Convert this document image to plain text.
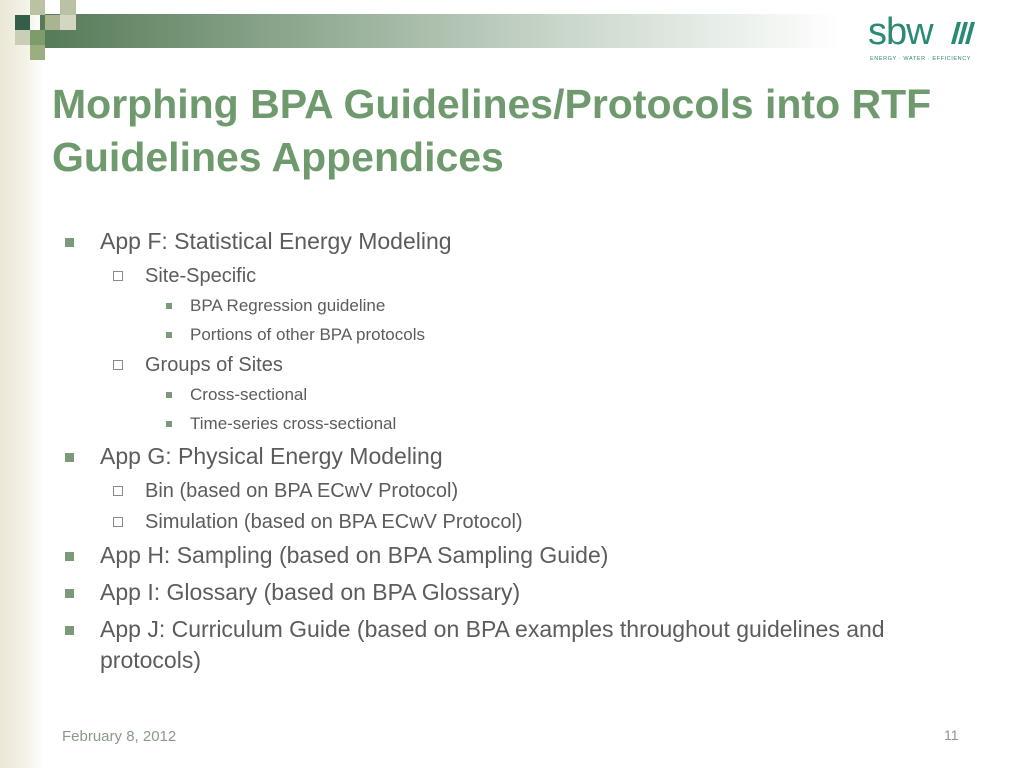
sbw
ENERGY · WATER · EFFICIENCY
Morphing BPA Guidelines/Protocols into RTF Guidelines Appendices
App F: Statistical Energy Modeling
Site-Specific
BPA Regression guideline
Portions of other BPA protocols
Groups of Sites
Cross-sectional
Time-series cross-sectional
App G: Physical Energy Modeling
Bin (based on BPA ECwV Protocol)
Simulation (based on BPA ECwV Protocol)
App H: Sampling (based on BPA Sampling Guide)
App I: Glossary (based on BPA Glossary)
App J: Curriculum Guide (based on BPA examples throughout guidelines and protocols)
February 8, 2012	11
